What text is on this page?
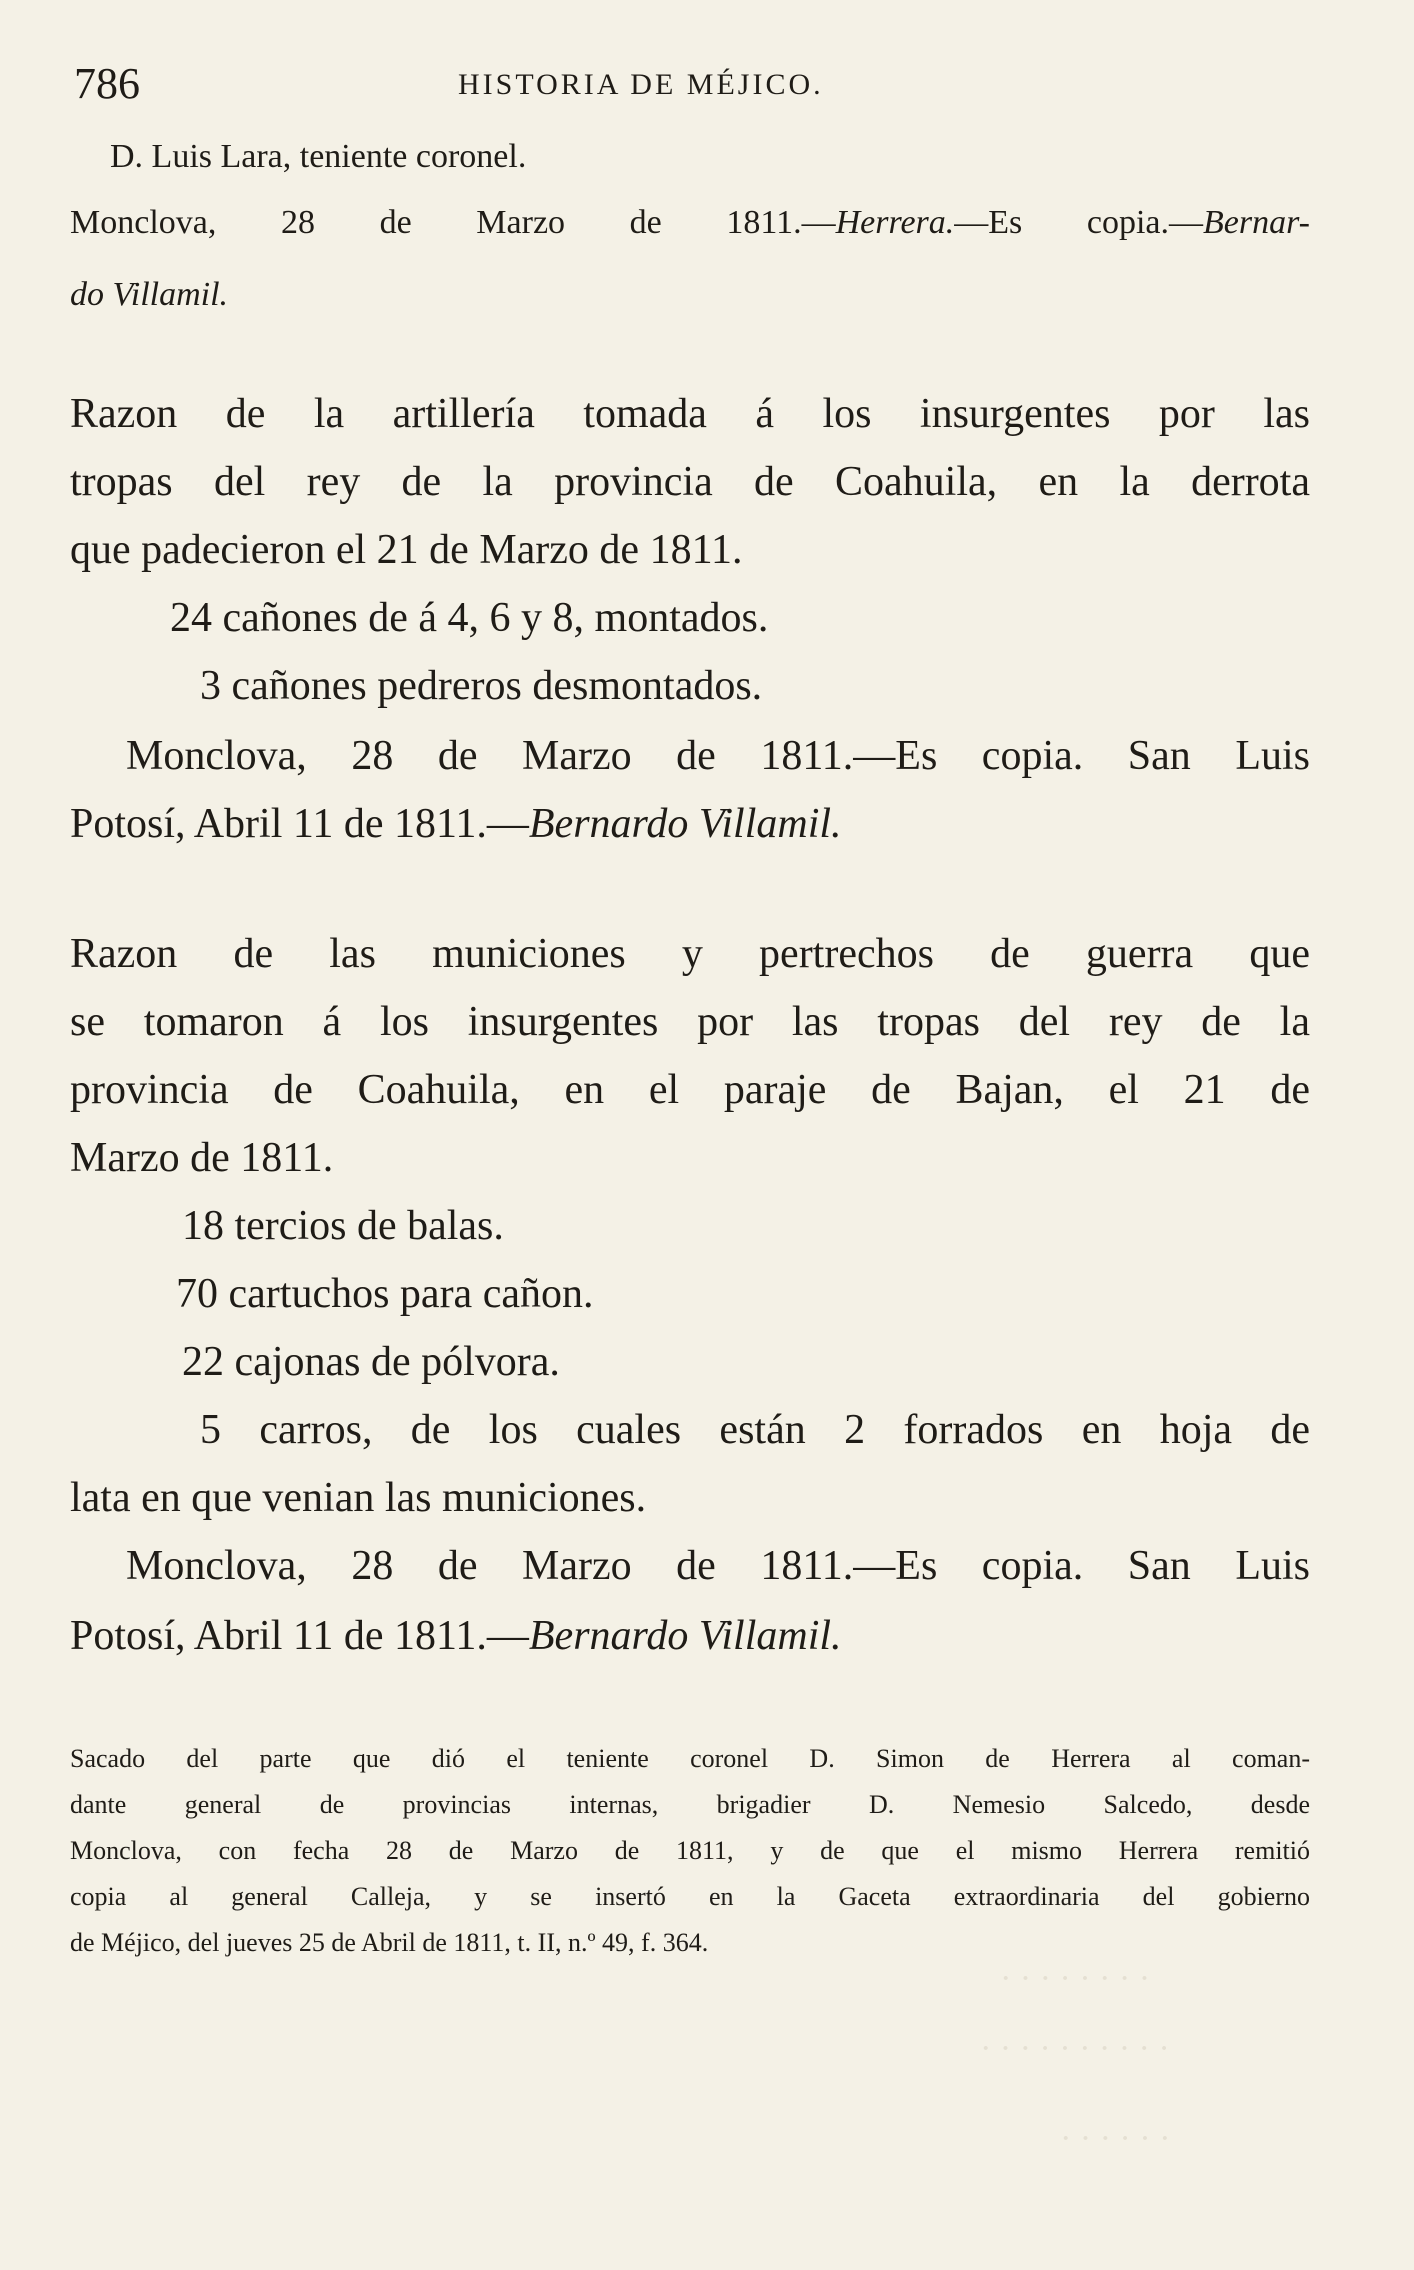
· · · · · · · ·
· · · · · · · · · ·
· · · · · ·
786	HISTORIA DE MÉJICO.
D. Luis Lara, teniente coronel.
Monclova, 28 de Marzo de 1811.—Herrera.—Es copia.—Bernar-
do Villamil.
Razon de la artillería tomada á los insurgentes por las
tropas del rey de la provincia de Coahuila, en la derrota
que padecieron el 21 de Marzo de 1811.
24 cañones de á 4, 6 y 8, montados.
3 cañones pedreros desmontados.
Monclova, 28 de Marzo de 1811.—Es copia. San Luis
Potosí, Abril 11 de 1811.—Bernardo Villamil.
Razon de las municiones y pertrechos de guerra que
se tomaron á los insurgentes por las tropas del rey de la
provincia de Coahuila, en el paraje de Bajan, el 21 de
Marzo de 1811.
18 tercios de balas.
70 cartuchos para cañon.
22 cajonas de pólvora.
5 carros, de los cuales están 2 forrados en hoja de
lata en que venian las municiones.
Monclova, 28 de Marzo de 1811.—Es copia. San Luis
Potosí, Abril 11 de 1811.—Bernardo Villamil.
Sacado del parte que dió el teniente coronel D. Simon de Herrera al coman-
dante general de provincias internas, brigadier D. Nemesio Salcedo, desde
Monclova, con fecha 28 de Marzo de 1811, y de que el mismo Herrera remitió
copia al general Calleja, y se insertó en la Gaceta extraordinaria del gobierno
de Méjico, del jueves 25 de Abril de 1811, t. II, n.º 49, f. 364.
